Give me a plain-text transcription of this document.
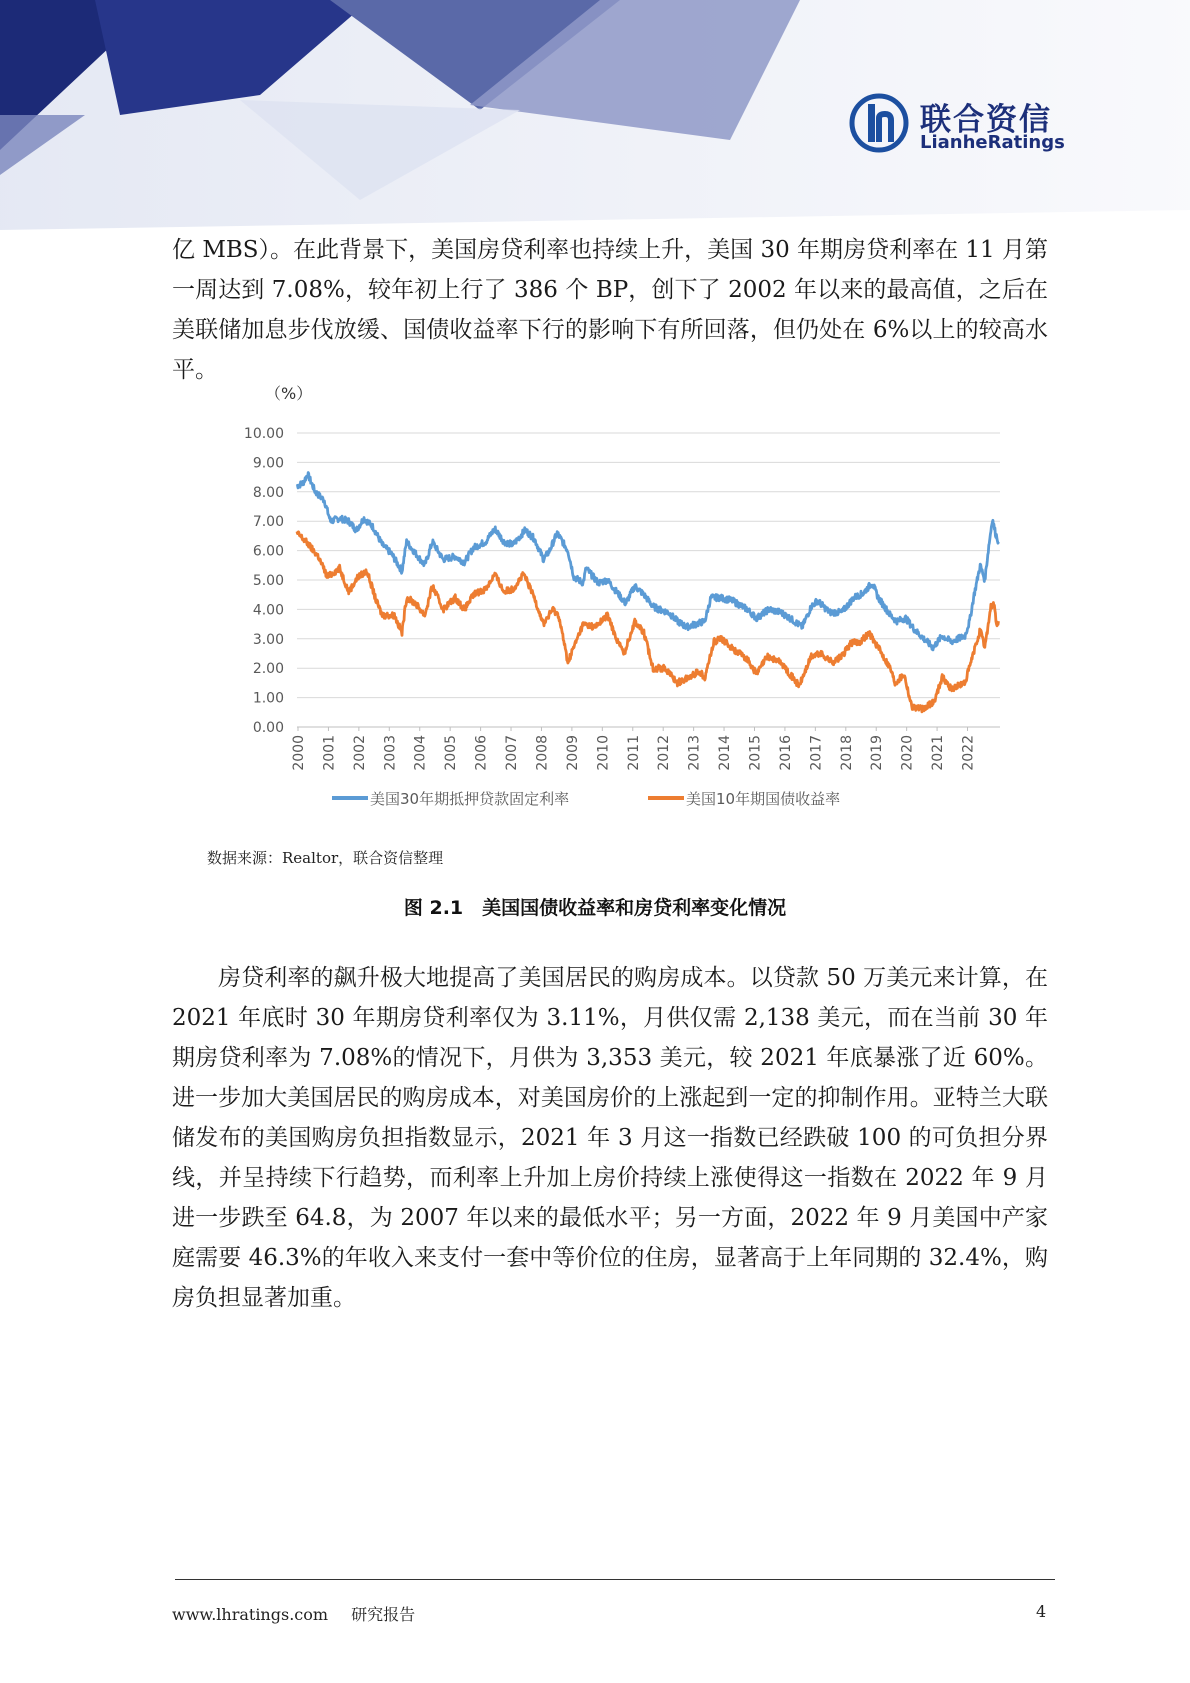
联合资信
LianheRatings

亿 MBS）。在此背景下，美国房贷利率也持续上升，美国 30 年期房贷利率在 11 月第一周达到 7.08%，较年初上行了 386 个 BP，创下了 2002 年以来的最高值，之后在美联储加息步伐放缓、国债收益率下行的影响下有所回落，但仍处在 6%以上的较高水平。

0.00
1.00
2.00
3.00
4.00
5.00
6.00
7.00
8.00
9.00
10.00
2000 2001 2002 2003 2004 2005 2006 2007 2008 2009 2010 2011 2012 2013 2014 2015 2016 2017 2018 2019 2020 2021 2022
（%）
美国30年期抵押贷款固定利率	美国10年期国债收益率
数据来源：Realtor，联合资信整理
图 2.1　美国国债收益率和房贷利率变化情况

房贷利率的飙升极大地提高了美国居民的购房成本。以贷款 50 万美元来计算，在 2021 年底时 30 年期房贷利率仅为 3.11%，月供仅需 2,138 美元，而在当前 30 年期房贷利率为 7.08%的情况下，月供为 3,353 美元，较 2021 年底暴涨了近 60%。进一步加大美国居民的购房成本，对美国房价的上涨起到一定的抑制作用。亚特兰大联储发布的美国购房负担指数显示，2021 年 3 月这一指数已经跌破 100 的可负担分界线，并呈持续下行趋势，而利率上升加上房价持续上涨使得这一指数在 2022 年 9 月进一步跌至 64.8，为 2007 年以来的最低水平；另一方面，2022 年 9 月美国中产家庭需要 46.3%的年收入来支付一套中等价位的住房，显著高于上年同期的 32.4%，购房负担显著加重。

www.lhratings.com 研究报告	4
